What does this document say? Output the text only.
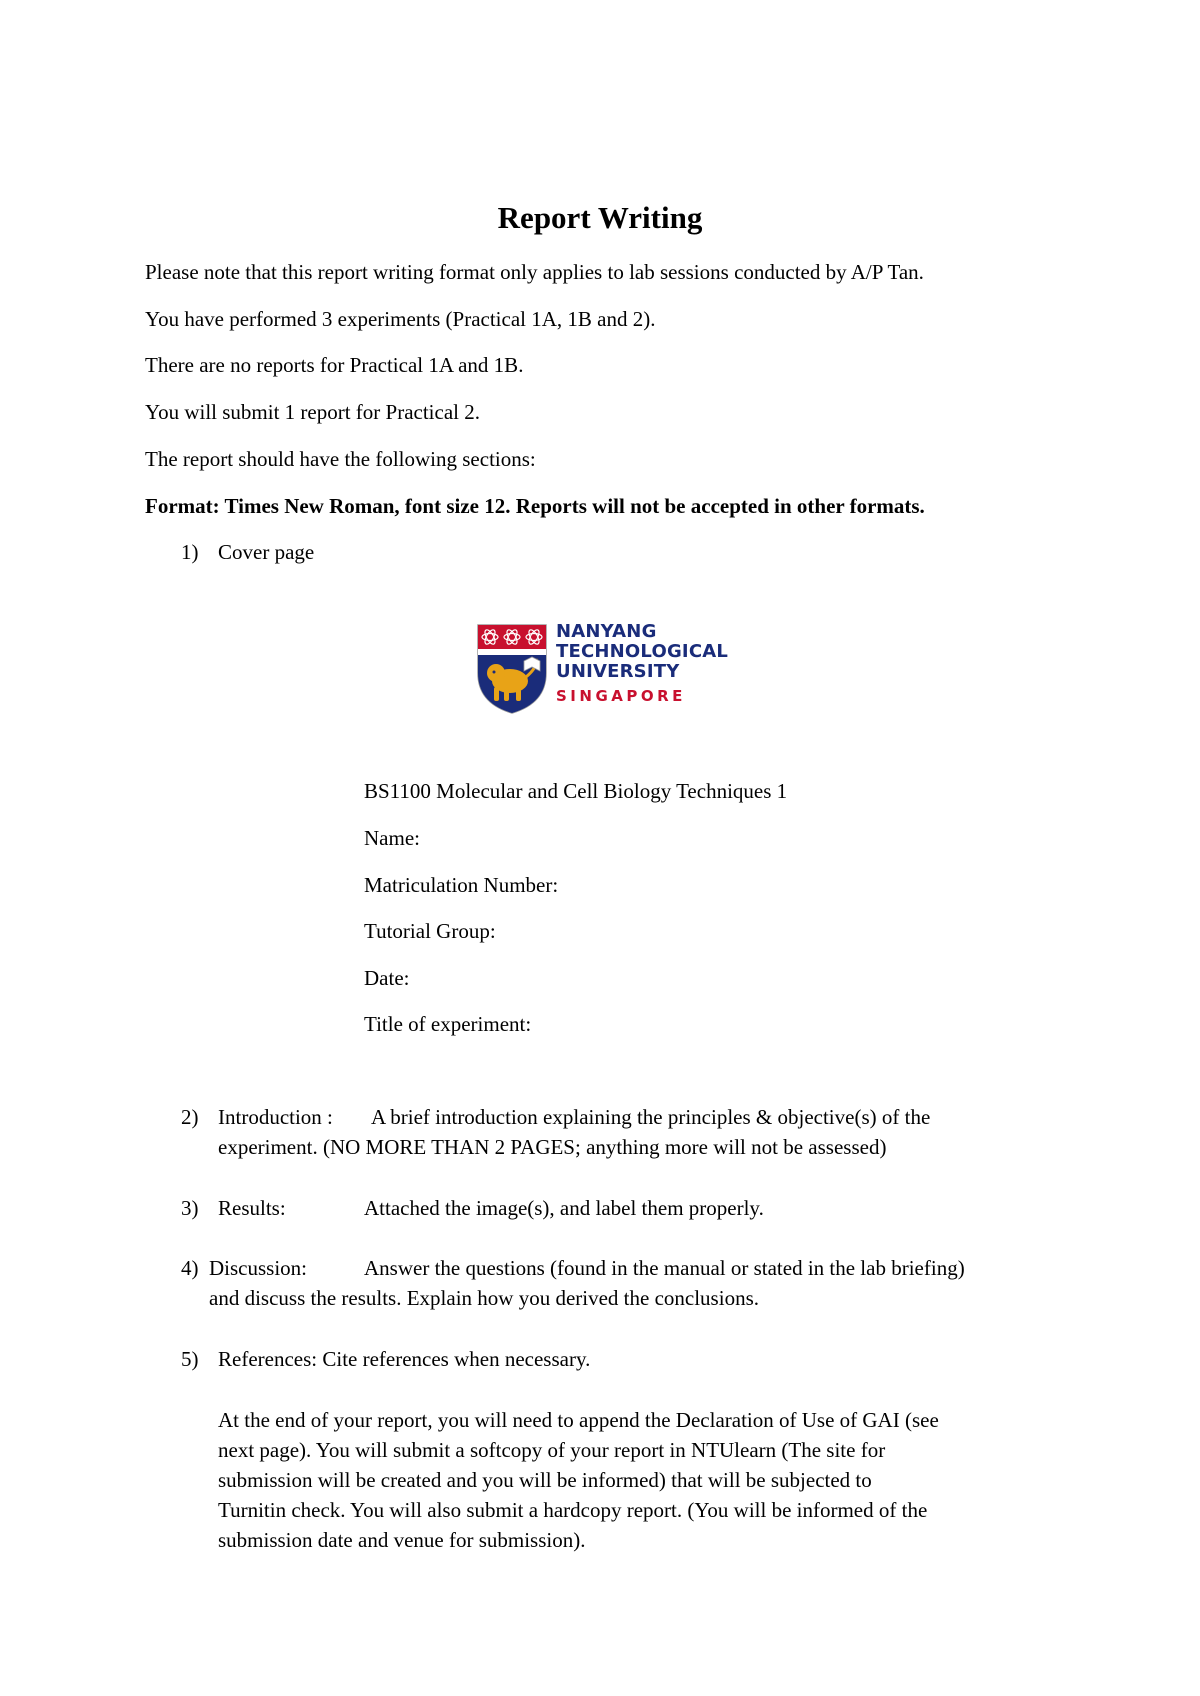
Report Writing
Please note that this report writing format only applies to lab sessions conducted by A/P Tan.
You have performed 3 experiments (Practical 1A, 1B and 2).
There are no reports for Practical 1A and 1B.
You will submit 1 report for Practical 2.
The report should have the following sections:
Format: Times New Roman, font size 12. Reports will not be accepted in other formats.
1) Cover page
NANYANG
TECHNOLOGICAL
UNIVERSITY
SINGAPORE
BS1100 Molecular and Cell Biology Techniques 1
Name:
Matriculation Number:
Tutorial Group:
Date:
Title of experiment:
2) Introduction : A brief introduction explaining the principles & objective(s) of the
experiment. (NO MORE THAN 2 PAGES; anything more will not be assessed)
3) Results:	Attached the image(s), and label them properly.
4) Discussion:	Answer the questions (found in the manual or stated in the lab briefing)
and discuss the results. Explain how you derived the conclusions.
5) References: Cite references when necessary.
At the end of your report, you will need to append the Declaration of Use of GAI (see
next page). You will submit a softcopy of your report in NTUlearn (The site for
submission will be created and you will be informed) that will be subjected to
Turnitin check. You will also submit a hardcopy report. (You will be informed of the
submission date and venue for submission).
